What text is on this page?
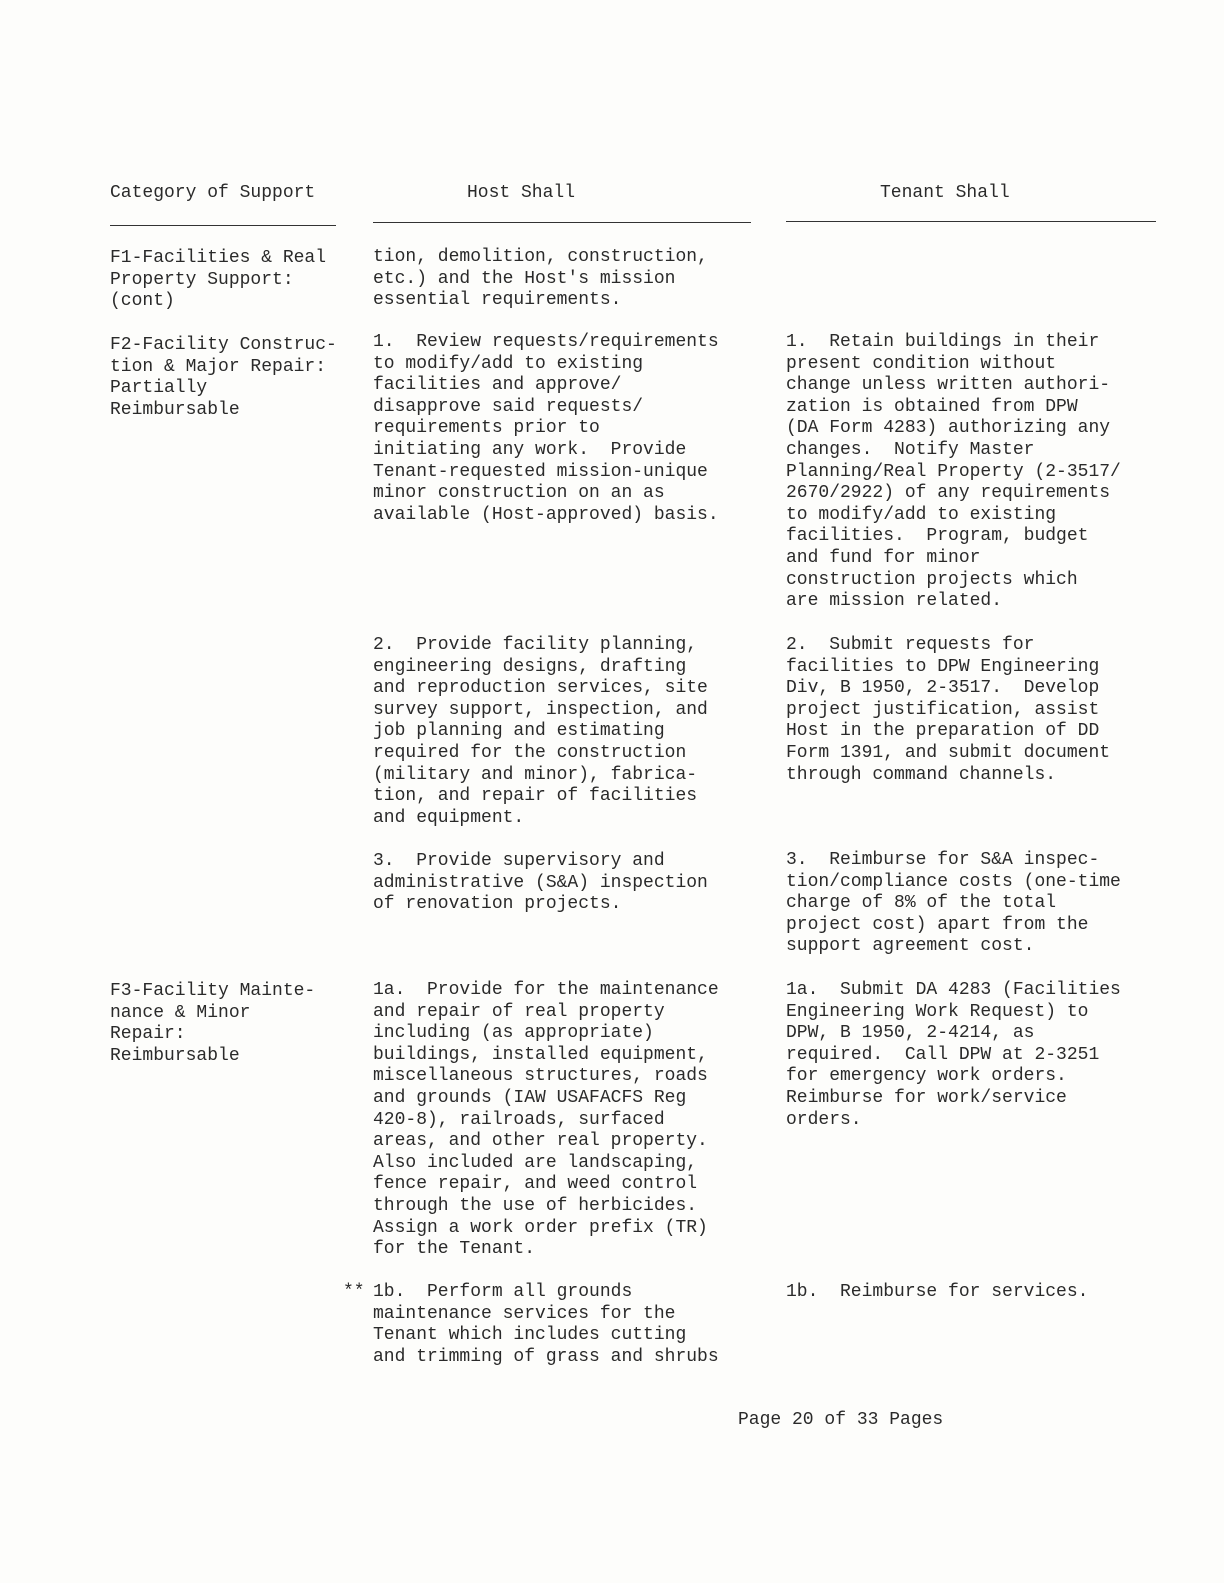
Category of Support	Host Shall	Tenant Shall
F1-Facilities & Real
Property Support:
(cont)
tion, demolition, construction,
etc.) and the Host's mission
essential requirements.
F2-Facility Construc-
tion & Major Repair:
Partially
Reimbursable
1.  Review requests/requirements
to modify/add to existing
facilities and approve/
disapprove said requests/
requirements prior to
initiating any work.  Provide
Tenant-requested mission-unique
minor construction on an as
available (Host-approved) basis.
1.  Retain buildings in their
present condition without
change unless written authori-
zation is obtained from DPW
(DA Form 4283) authorizing any
changes.  Notify Master
Planning/Real Property (2-3517/
2670/2922) of any requirements
to modify/add to existing
facilities.  Program, budget
and fund for minor
construction projects which
are mission related.
2.  Provide facility planning,
engineering designs, drafting
and reproduction services, site
survey support, inspection, and
job planning and estimating
required for the construction
(military and minor), fabrica-
tion, and repair of facilities
and equipment.
2.  Submit requests for
facilities to DPW Engineering
Div, B 1950, 2-3517.  Develop
project justification, assist
Host in the preparation of DD
Form 1391, and submit document
through command channels.
3.  Provide supervisory and
administrative (S&A) inspection
of renovation projects.
3.  Reimburse for S&A inspec-
tion/compliance costs (one-time
charge of 8% of the total
project cost) apart from the
support agreement cost.
F3-Facility Mainte-
nance & Minor
Repair:
Reimbursable
1a.  Provide for the maintenance
and repair of real property
including (as appropriate)
buildings, installed equipment,
miscellaneous structures, roads
and grounds (IAW USAFACFS Reg
420-8), railroads, surfaced
areas, and other real property.
Also included are landscaping,
fence repair, and weed control
through the use of herbicides.
Assign a work order prefix (TR)
for the Tenant.
1a.  Submit DA 4283 (Facilities
Engineering Work Request) to
DPW, B 1950, 2-4214, as
required.  Call DPW at 2-3251
for emergency work orders.
Reimburse for work/service
orders.
** 1b.  Perform all grounds
maintenance services for the
Tenant which includes cutting
and trimming of grass and shrubs
1b.  Reimburse for services.
Page 20 of 33 Pages
